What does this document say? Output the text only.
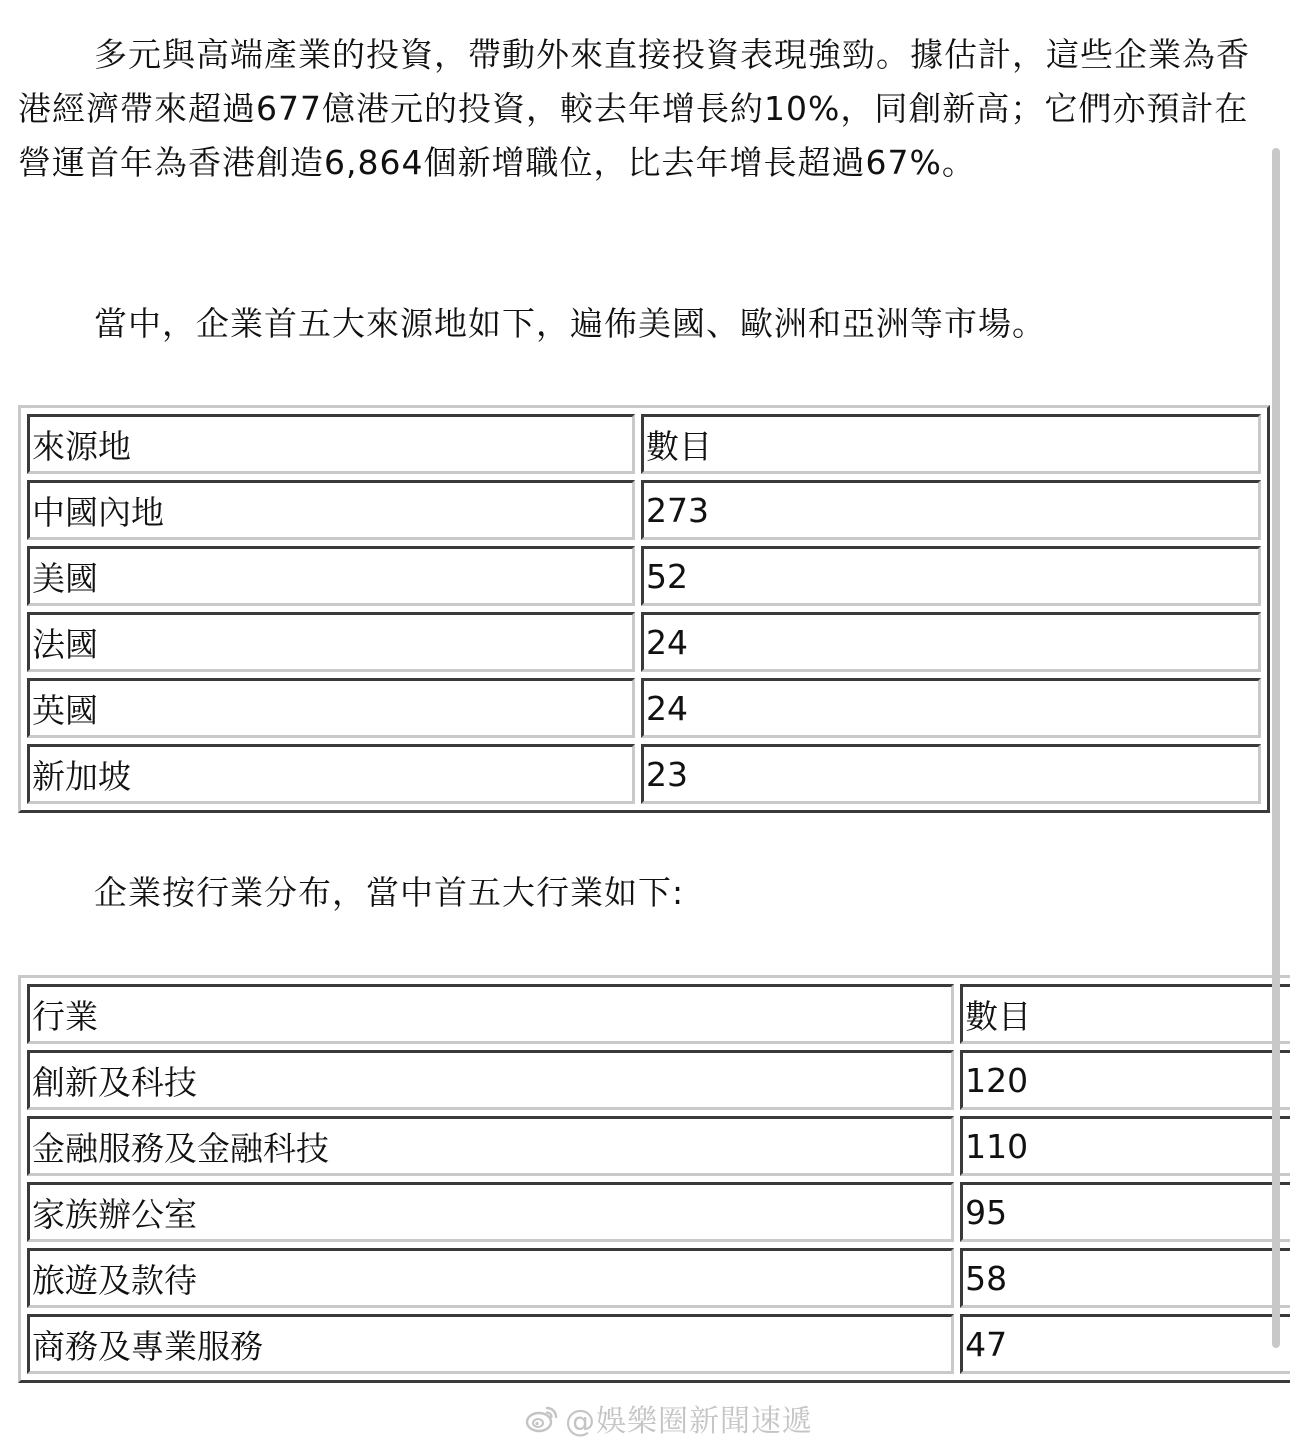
多元與高端產業的投資，帶動外來直接投資表現強勁。據估計，這些企業為香港經濟帶來超過677億港元的投資，較去年增長約10%，同創新高；它們亦預計在營運首年為香港創造6,864個新增職位，比去年增長超過67%。

當中，企業首五大來源地如下，遍佈美國、歐洲和亞洲等市場。

來源地	數目
中國內地	273
美國	52
法國	24
英國	24
新加坡	23

企業按行業分布，當中首五大行業如下:

行業	數目
創新及科技	120
金融服務及金融科技	110
家族辦公室	95
旅遊及款待	58
商務及專業服務	47
@娛樂圈新聞速遞
